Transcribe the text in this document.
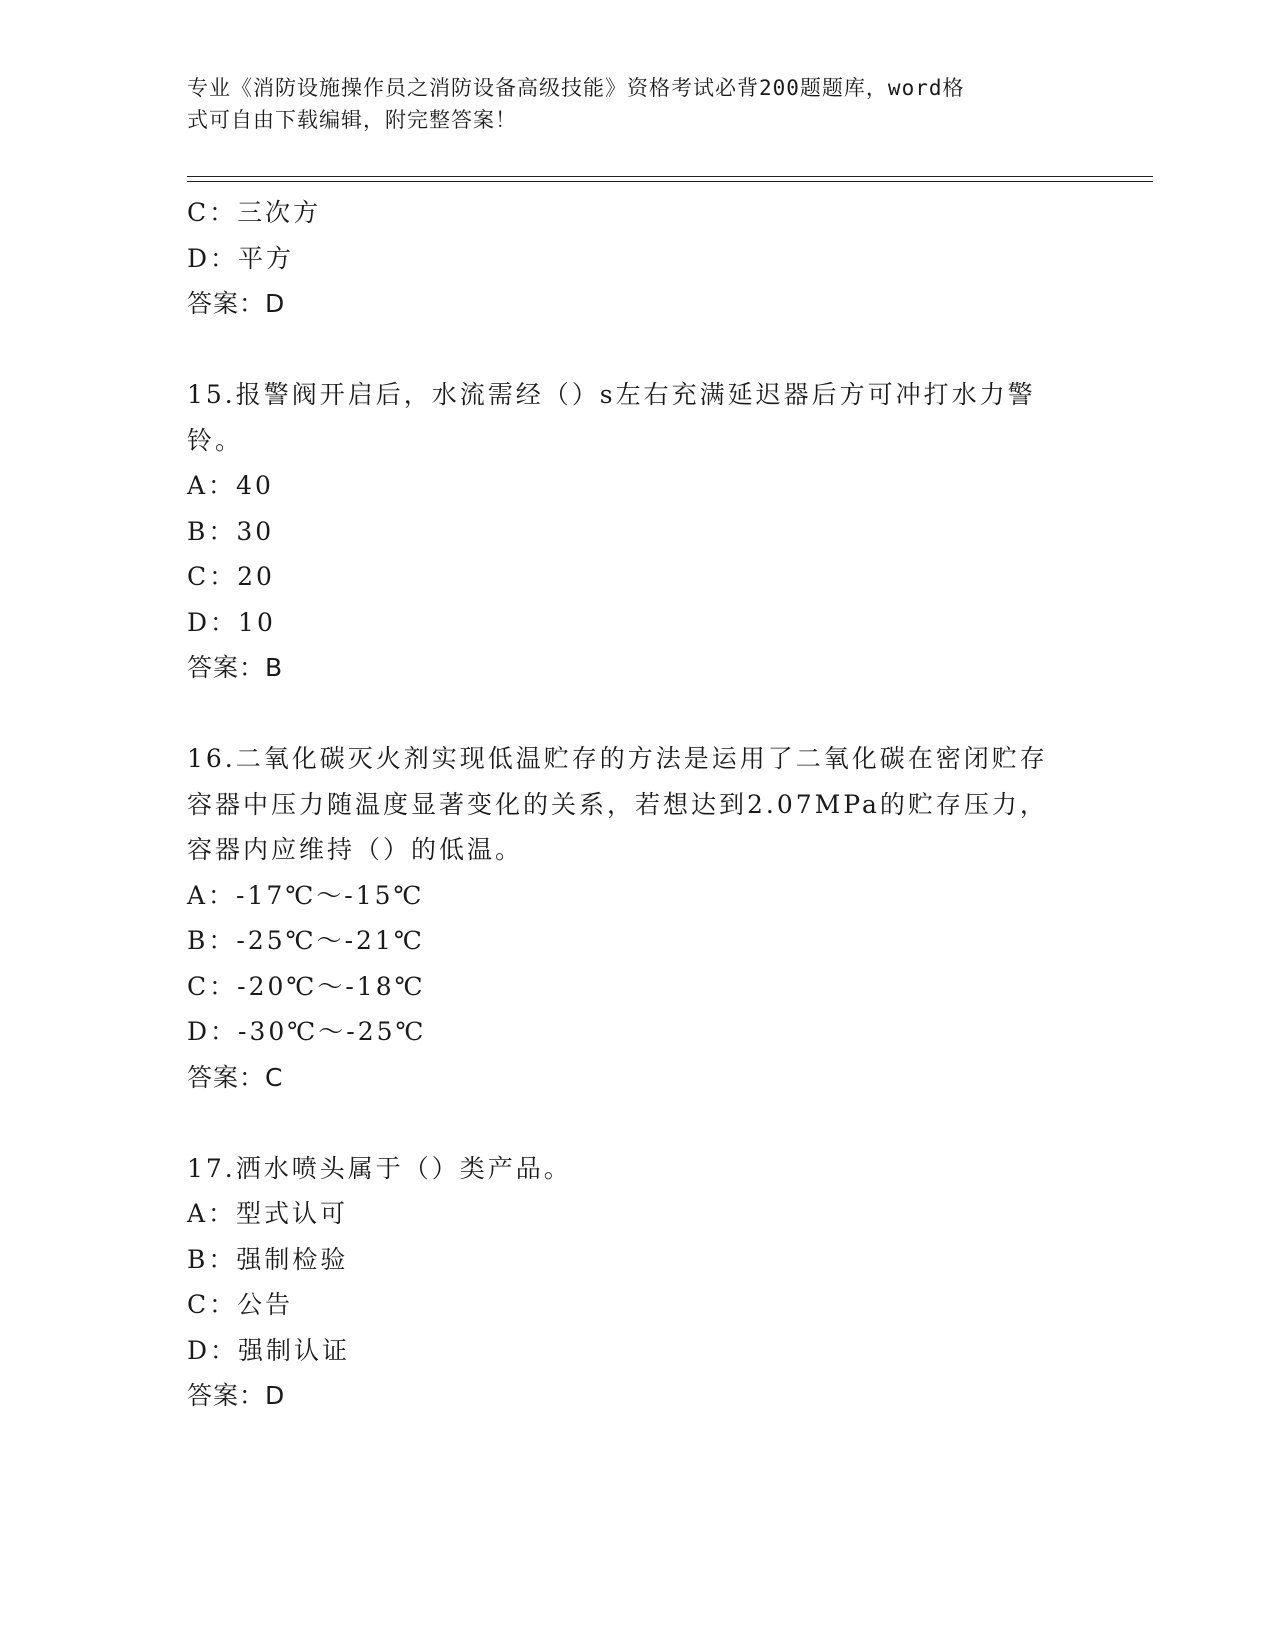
专业《消防设施操作员之消防设备高级技能》资格考试必背200题题库，word格
式可自由下载编辑，附完整答案！
C：三次方
D：平方
答案：D
15.报警阀开启后，水流需经（）s左右充满延迟器后方可冲打水力警
铃。
A：40
B：30
C：20
D：10
答案：B
16.二氧化碳灭火剂实现低温贮存的方法是运用了二氧化碳在密闭贮存
容器中压力随温度显著变化的关系，若想达到2.07MPa的贮存压力，
容器内应维持（）的低温。
A：-17℃～-15℃
B：-25℃～-21℃
C：-20℃～-18℃
D：-30℃～-25℃
答案：C
17.洒水喷头属于（）类产品。
A：型式认可
B：强制检验
C：公告
D：强制认证
答案：D
